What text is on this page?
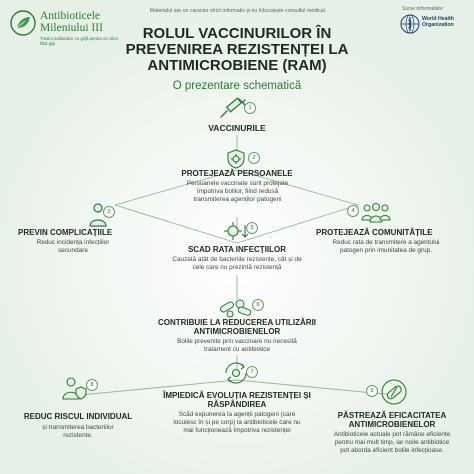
Antibioticele
Mileniului III
Trusim antibiotice cu grijă pentru un viitor fără griji
Materialul are un caracter strict informativ și nu înlocuiește consultul medical.	Surse informatiilor:
World Health
Organization
ROLUL VACCINURILOR ÎN PREVENIREA REZISTENȚEI LA ANTIMICROBIENE (RAM)
O prezentare schematică
1
VACCINURILE
2
PROTEJEAZĂ PERSOANELE
Persoanele vaccinate sunt protejate împotriva bolilor, fiind redusă transmiterea agenților patogeni
3
PREVIN COMPLICAȚIILE
Reduc incidența infecțiilor secundare
4
PROTEJEAZĂ COMUNITĂȚILE
Reduc rata de transmitere a agentului patogen prin imunitatea de grup.
5
SCAD RATA INFECȚIILOR
Cauzată atât de bacteriile rezistente, cât și de cele care nu prezintă rezistență
6
CONTRIBUIE LA REDUCEREA UTILIZĂRII ANTIMICROBIENELOR
Bolile prevenite prin vaccinare nu necesită tratament cu antibiotice
7
ÎMPIEDICĂ EVOLUȚIA REZISTENȚEI ȘI RĂSPÂNDIREA
Scăd expunerea la agenții patogeni (care locuiesc în și pe corp) la antibioticele care nu mai funcționează împotriva rezistenței
8
REDUC RISCUL INDIVIDUAL
și transmiterea bacteriilor rezistente.
9
PĂSTREAZĂ EFICACITATEA ANTIMICROBIENELOR
Antibioticele actuale pot rămâne eficiente pentru mai mult timp, iar noile antibiotice pot aborda eficient bolile infecțioase.
